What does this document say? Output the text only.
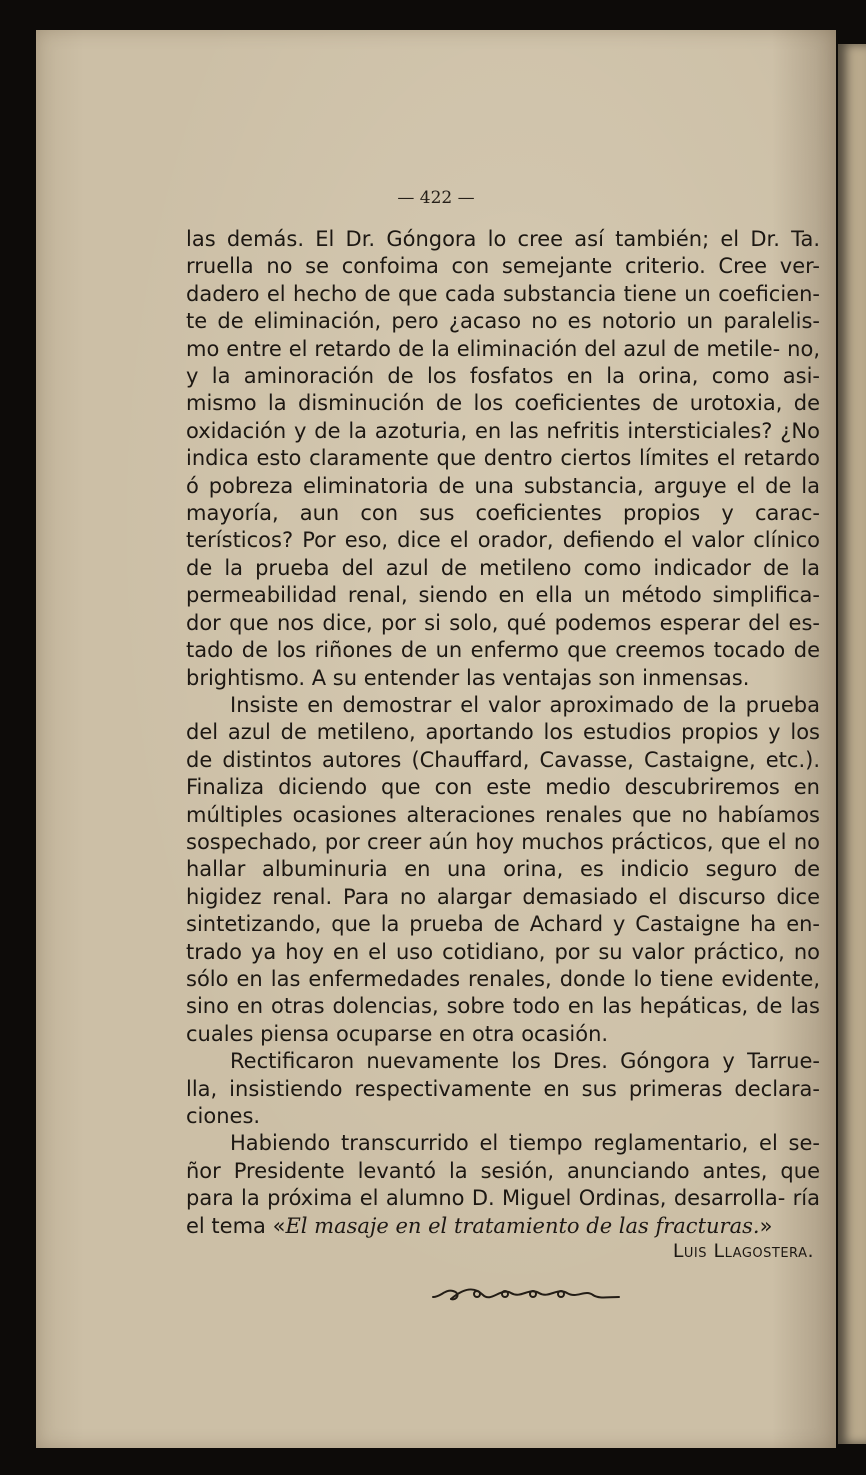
— 422 —

las demás. El Dr. Góngora lo cree así también; el Dr. Ta. rruella no se confoima con semejante criterio. Cree ver- dadero el hecho de que cada substancia tiene un coeficien- te de eliminación, pero ¿acaso no es notorio un paralelis- mo entre el retardo de la eliminación del azul de metile- no, y la aminoración de los fosfatos en la orina, como asi- mismo la disminución de los coeficientes de urotoxia, de oxidación y de la azoturia, en las nefritis intersticiales? ¿No indica esto claramente que dentro ciertos límites el retardo ó pobreza eliminatoria de una substancia, arguye el de la mayoría, aun con sus coeficientes propios y carac- terísticos? Por eso, dice el orador, defiendo el valor clínico de la prueba del azul de metileno como indicador de la permeabilidad renal, siendo en ella un método simplifica- dor que nos dice, por si solo, qué podemos esperar del es- tado de los riñones de un enfermo que creemos tocado de brightismo. A su entender las ventajas son inmensas.

Insiste en demostrar el valor aproximado de la prueba del azul de metileno, aportando los estudios propios y los de distintos autores (Chauffard, Cavasse, Castaigne, etc.). Finaliza diciendo que con este medio descubriremos en múltiples ocasiones alteraciones renales que no habíamos sospechado, por creer aún hoy muchos prácticos, que el no hallar albuminuria en una orina, es indicio seguro de higidez renal. Para no alargar demasiado el discurso dice sintetizando, que la prueba de Achard y Castaigne ha en- trado ya hoy en el uso cotidiano, por su valor práctico, no sólo en las enfermedades renales, donde lo tiene evidente, sino en otras dolencias, sobre todo en las hepáticas, de las cuales piensa ocuparse en otra ocasión.

Rectificaron nuevamente los Dres. Góngora y Tarrue- lla, insistiendo respectivamente en sus primeras declara- ciones.

Habiendo transcurrido el tiempo reglamentario, el se- ñor Presidente levantó la sesión, anunciando antes, que para la próxima el alumno D. Miguel Ordinas, desarrolla- ría el tema «El masaje en el tratamiento de las fracturas.»

Luis Llagostera.
